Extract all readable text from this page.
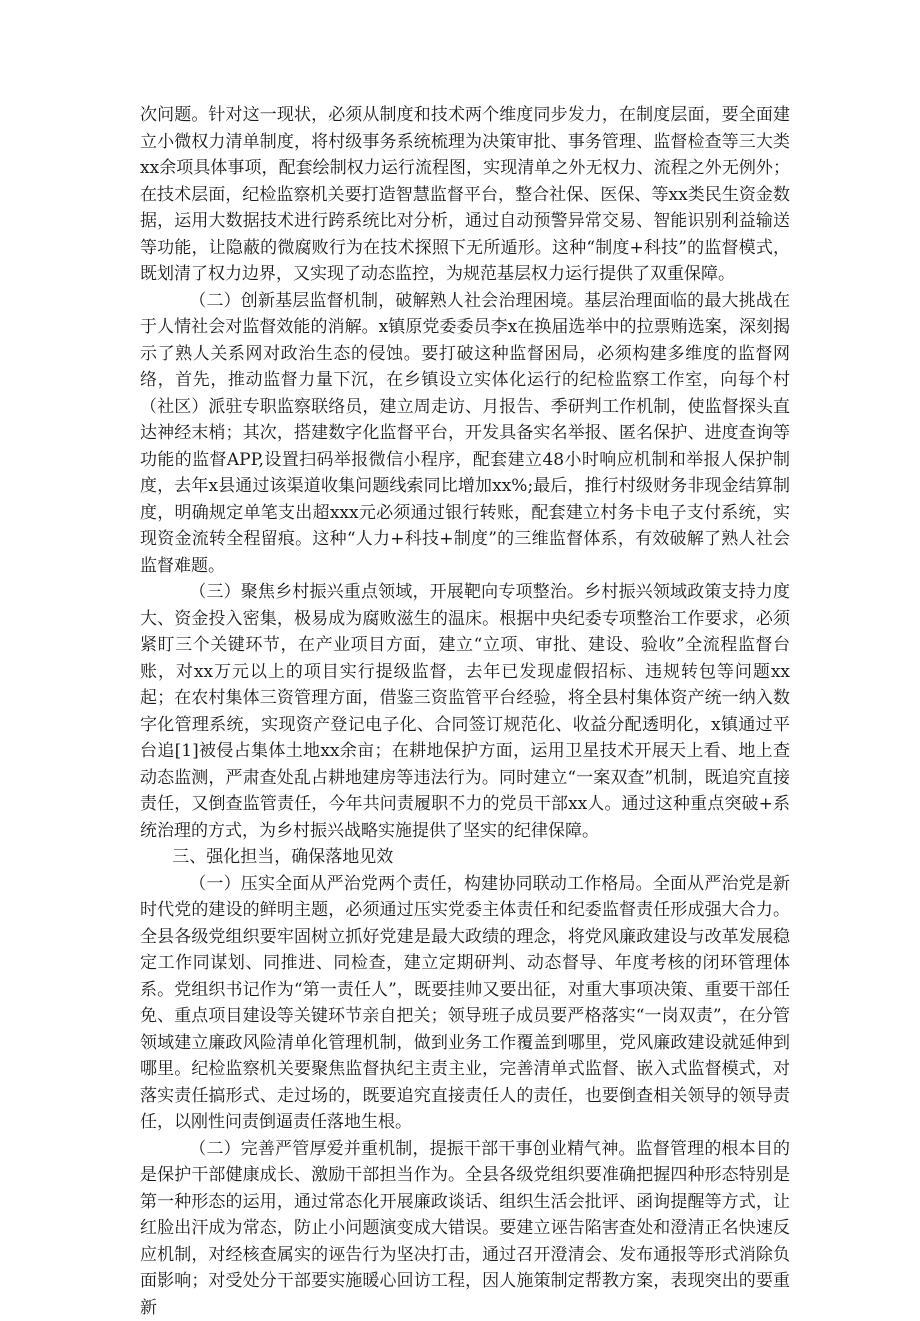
次问题。针对这一现状，必须从制度和技术两个维度同步发力，在制度层面，要全面建立小微权力清单制度，将村级事务系统梳理为决策审批、事务管理、监督检查等三大类xx余项具体事项，配套绘制权力运行流程图，实现清单之外无权力、流程之外无例外；在技术层面，纪检监察机关要打造智慧监督平台，整合社保、医保、等xx类民生资金数据，运用大数据技术进行跨系统比对分析，通过自动预警异常交易、智能识别利益输送等功能，让隐蔽的微腐败行为在技术探照下无所遁形。这种“制度+科技”的监督模式，既划清了权力边界，又实现了动态监控，为规范基层权力运行提供了双重保障。

（二）创新基层监督机制，破解熟人社会治理困境。基层治理面临的最大挑战在于人情社会对监督效能的消解。x镇原党委委员李x在换届选举中的拉票贿选案，深刻揭示了熟人关系网对政治生态的侵蚀。要打破这种监督困局，必须构建多维度的监督网络，首先，推动监督力量下沉，在乡镇设立实体化运行的纪检监察工作室，向每个村（社区）派驻专职监察联络员，建立周走访、月报告、季研判工作机制，使监督探头直达神经末梢；其次，搭建数字化监督平台，开发具备实名举报、匿名保护、进度查询等功能的监督APP,设置扫码举报微信小程序，配套建立48小时响应机制和举报人保护制度，去年x县通过该渠道收集问题线索同比增加xx%;最后，推行村级财务非现金结算制度，明确规定单笔支出超xxx元必须通过银行转账，配套建立村务卡电子支付系统，实现资金流转全程留痕。这种“人力+科技+制度”的三维监督体系，有效破解了熟人社会监督难题。

（三）聚焦乡村振兴重点领域，开展靶向专项整治。乡村振兴领域政策支持力度大、资金投入密集，极易成为腐败滋生的温床。根据中央纪委专项整治工作要求，必须紧盯三个关键环节，在产业项目方面，建立“立项、审批、建设、验收”全流程监督台账，对xx万元以上的项目实行提级监督，去年已发现虚假招标、违规转包等问题xx起；在农村集体三资管理方面，借鉴三资监管平台经验，将全县村集体资产统一纳入数字化管理系统，实现资产登记电子化、合同签订规范化、收益分配透明化，x镇通过平台追[1]被侵占集体土地xx余亩；在耕地保护方面，运用卫星技术开展天上看、地上查动态监测，严肃查处乱占耕地建房等违法行为。同时建立“一案双查”机制，既追究直接责任，又倒查监管责任，今年共问责履职不力的党员干部xx人。通过这种重点突破+系统治理的方式，为乡村振兴战略实施提供了坚实的纪律保障。

三、强化担当，确保落地见效

（一）压实全面从严治党两个责任，构建协同联动工作格局。全面从严治党是新时代党的建设的鲜明主题，必须通过压实党委主体责任和纪委监督责任形成强大合力。全县各级党组织要牢固树立抓好党建是最大政绩的理念，将党风廉政建设与改革发展稳定工作同谋划、同推进、同检查，建立定期研判、动态督导、年度考核的闭环管理体系。党组织书记作为“第一责任人”，既要挂帅又要出征，对重大事项决策、重要干部任免、重点项目建设等关键环节亲自把关；领导班子成员要严格落实“一岗双责”，在分管领域建立廉政风险清单化管理机制，做到业务工作覆盖到哪里，党风廉政建设就延伸到哪里。纪检监察机关要聚焦监督执纪主责主业，完善清单式监督、嵌入式监督模式，对落实责任搞形式、走过场的，既要追究直接责任人的责任，也要倒查相关领导的领导责任，以刚性问责倒逼责任落地生根。

（二）完善严管厚爱并重机制，提振干部干事创业精气神。监督管理的根本目的是保护干部健康成长、激励干部担当作为。全县各级党组织要准确把握四种形态特别是第一种形态的运用，通过常态化开展廉政谈话、组织生活会批评、函询提醒等方式，让红脸出汗成为常态，防止小问题演变成大错误。要建立诬告陷害查处和澄清正名快速反应机制，对经核查属实的诬告行为坚决打击，通过召开澄清会、发布通报等形式消除负面影响；对受处分干部要实施暖心回访工程，因人施策制定帮教方案，表现突出的要重新
